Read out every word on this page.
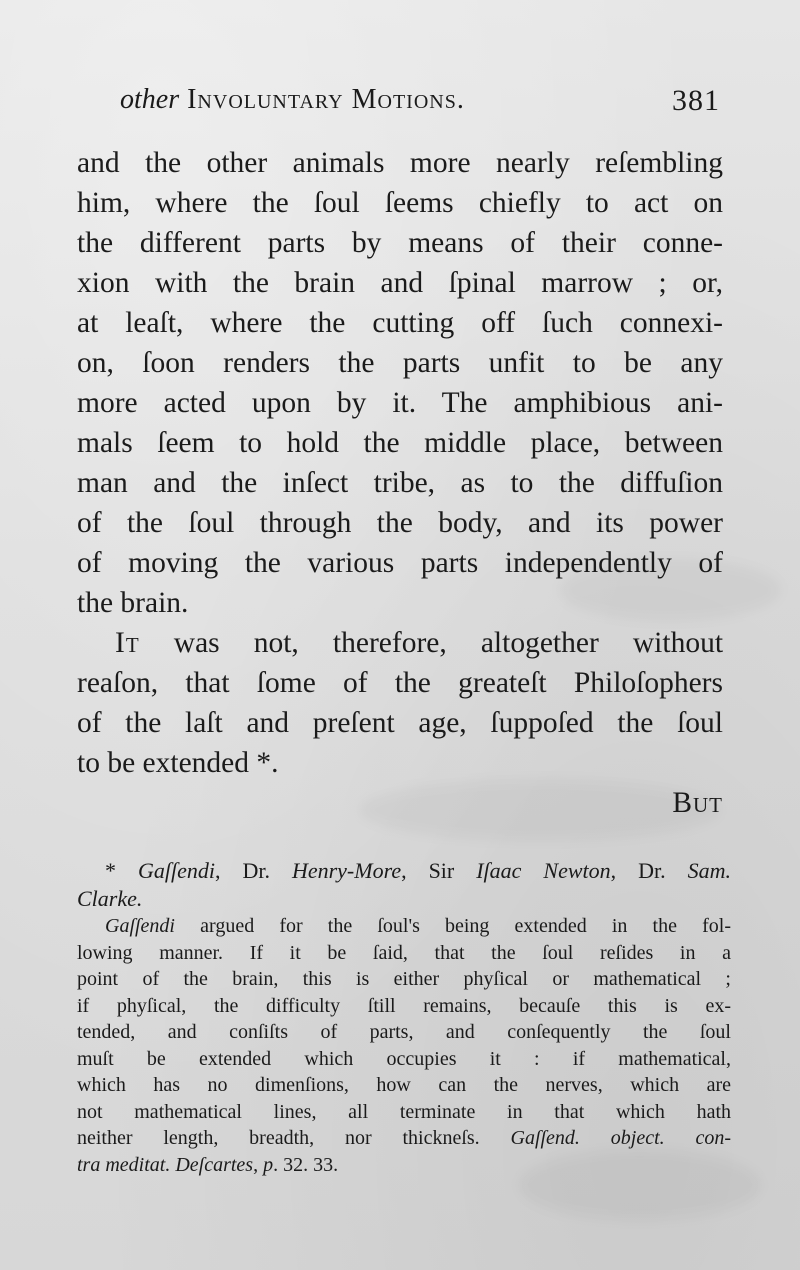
other Involuntary Motions.	381
and the other animals more nearly reſembling
him, where the ſoul ſeems chiefly to act on
the different parts by means of their conne-
xion with the brain and ſpinal marrow ; or,
at leaſt, where the cutting off ſuch connexi-
on, ſoon renders the parts unfit to be any
more acted upon by it. The amphibious ani-
mals ſeem to hold the middle place, between
man and the inſect tribe, as to the diffuſion
of the ſoul through the body, and its power
of moving the various parts independently of
the brain.
It was not, therefore, altogether without
reaſon, that ſome of the greateſt Philoſophers
of the laſt and preſent age, ſuppoſed the ſoul
to be extended *.
But
* Gaſſendi, Dr. Henry-More, Sir Iſaac Newton, Dr. Sam.
Clarke.
Gaſſendi argued for the ſoul's being extended in the fol-
lowing manner. If it be ſaid, that the ſoul reſides in a
point of the brain, this is either phyſical or mathematical ;
if phyſical, the difficulty ſtill remains, becauſe this is ex-
tended, and conſiſts of parts, and conſequently the ſoul
muſt be extended which occupies it : if mathematical,
which has no dimenſions, how can the nerves, which are
not mathematical lines, all terminate in that which hath
neither length, breadth, nor thickneſs. Gaſſend. object. con-
tra meditat. Deſcartes, p. 32. 33.
